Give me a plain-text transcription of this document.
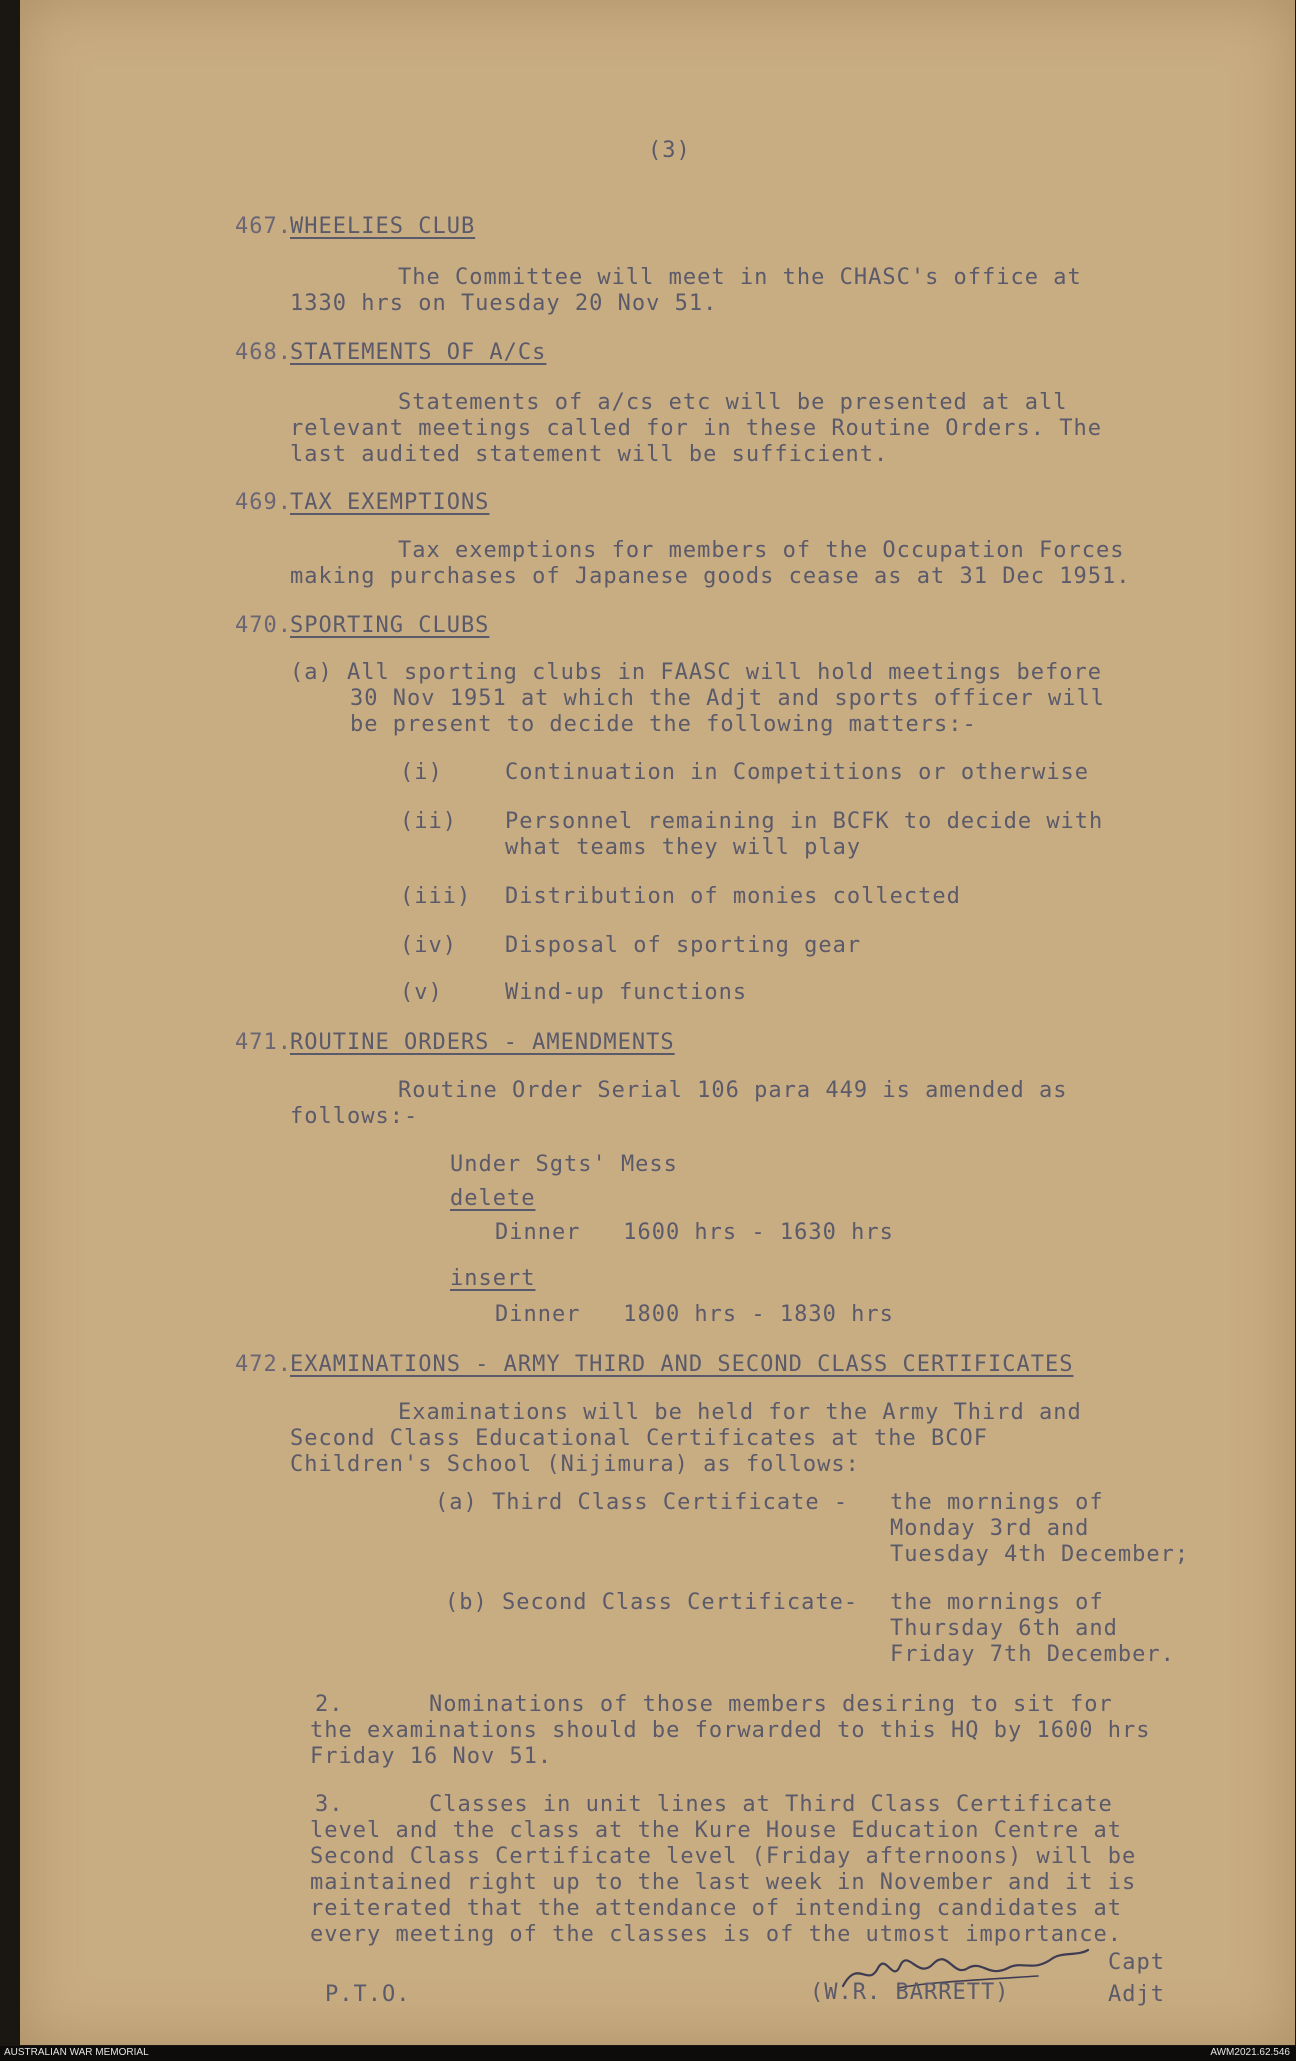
(3)
467.
WHEELIES CLUB
The Committee will meet in the CHASC's office at
1330 hrs on Tuesday 20 Nov 51.
468.
STATEMENTS OF A/Cs
Statements of a/cs etc will be presented at all
relevant meetings called for in these Routine Orders. The
last audited statement will be sufficient.
469.
TAX EXEMPTIONS
Tax exemptions for members of the Occupation Forces
making purchases of Japanese goods cease as at 31 Dec 1951.
470.
SPORTING CLUBS
(a) All sporting clubs in FAASC will hold meetings before
30 Nov 1951 at which the Adjt and sports officer will
be present to decide the following matters:-
(i)	Continuation in Competitions or otherwise
(ii) Personnel remaining in BCFK to decide with
what teams they will play
(iii) Distribution of monies collected
(iv) Disposal of sporting gear
(v)	Wind-up functions
471.
ROUTINE ORDERS - AMENDMENTS
Routine Order Serial 106 para 449 is amended as
follows:-
Under Sgts' Mess
delete
Dinner   1600 hrs - 1630 hrs
insert
Dinner   1800 hrs - 1830 hrs
472.
EXAMINATIONS - ARMY THIRD AND SECOND CLASS CERTIFICATES
Examinations will be held for the Army Third and
Second Class Educational Certificates at the BCOF
Children's School (Nijimura) as follows:
(a) Third Class Certificate - the mornings of
Monday 3rd and
Tuesday 4th December;
(b) Second Class Certificate- the mornings of
Thursday 6th and
Friday 7th December.
2.      Nominations of those members desiring to sit for
the examinations should be forwarded to this HQ by 1600 hrs
Friday 16 Nov 51.
3.      Classes in unit lines at Third Class Certificate
level and the class at the Kure House Education Centre at
Second Class Certificate level (Friday afternoons) will be
maintained right up to the last week in November and it is
reiterated that the attendance of intending candidates at
every meeting of the classes is of the utmost importance.
Capt
P.T.O.	(W.R. BARRETT)	Adjt
AUSTRALIAN WAR MEMORIAL	AWM2021.62.546
